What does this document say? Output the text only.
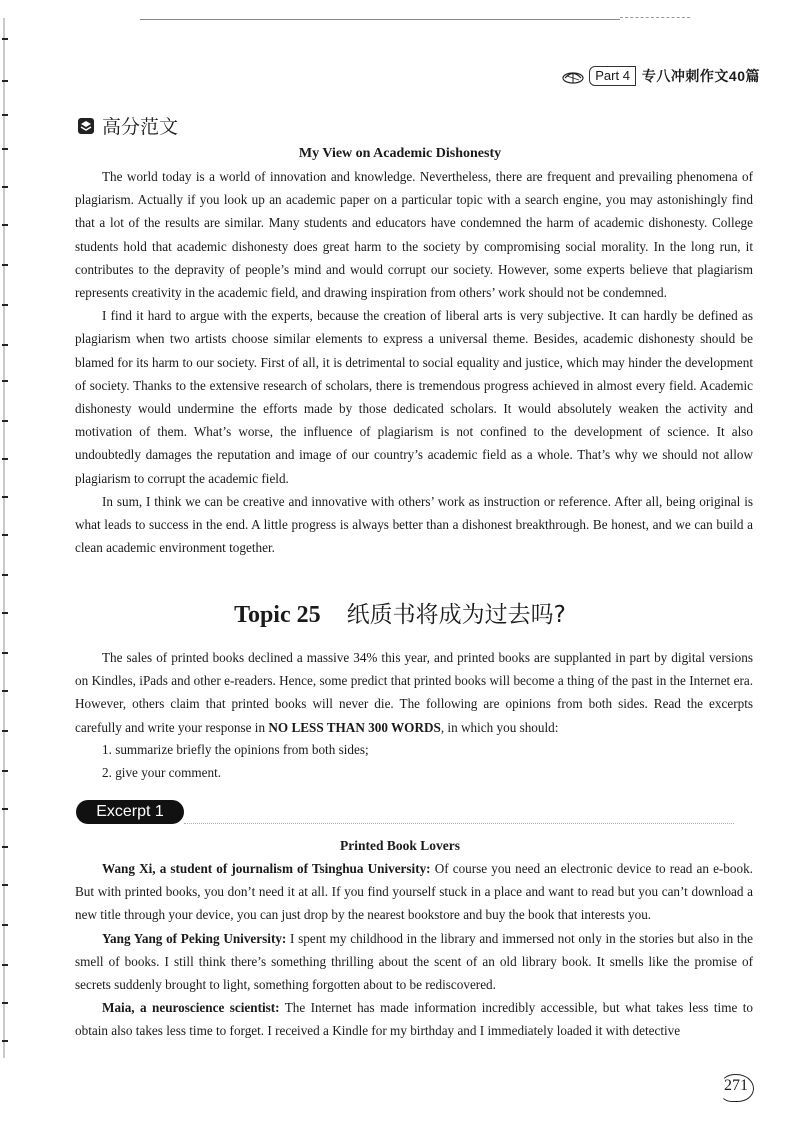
Part 4 专八冲刺作文40篇
高分范文
My View on Academic Dishonesty

The world today is a world of innovation and knowledge. Nevertheless, there are frequent and prevailing phenomena of plagiarism. Actually if you look up an academic paper on a particular topic with a search engine, you may astonishingly find that a lot of the results are similar. Many students and educators have condemned the harm of academic dishonesty. College students hold that academic dishonesty does great harm to the society by compromising social morality. In the long run, it contributes to the depravity of people’s mind and would corrupt our society. However, some experts believe that plagiarism represents creativity in the academic field, and drawing inspiration from others’ work should not be condemned.

I find it hard to argue with the experts, because the creation of liberal arts is very subjective. It can hardly be defined as plagiarism when two artists choose similar elements to express a universal theme. Besides, academic dishonesty should be blamed for its harm to our society. First of all, it is detrimental to social equality and justice, which may hinder the development of society. Thanks to the extensive research of scholars, there is tremendous progress achieved in almost every field. Academic dishonesty would undermine the efforts made by those dedicated scholars. It would absolutely weaken the activity and motivation of them. What’s worse, the influence of plagiarism is not confined to the development of science. It also undoubtedly damages the reputation and image of our country’s academic field as a whole. That’s why we should not allow plagiarism to corrupt the academic field.

In sum, I think we can be creative and innovative with others’ work as instruction or reference. After all, being original is what leads to success in the end. A little progress is always better than a dishonest breakthrough. Be honest, and we can build a clean academic environment together.

Topic 25 纸质书将成为过去吗?

The sales of printed books declined a massive 34% this year, and printed books are supplanted in part by digital versions on Kindles, iPads and other e-readers. Hence, some predict that printed books will become a thing of the past in the Internet era. However, others claim that printed books will never die. The following are opinions from both sides. Read the excerpts carefully and write your response in NO LESS THAN 300 WORDS, in which you should:

1. summarize briefly the opinions from both sides;
2. give your comment.
Excerpt 1
Printed Book Lovers

Wang Xi, a student of journalism of Tsinghua University: Of course you need an electronic device to read an e-book. But with printed books, you don’t need it at all. If you find yourself stuck in a place and want to read but you can’t download a new title through your device, you can just drop by the nearest bookstore and buy the book that interests you.

Yang Yang of Peking University: I spent my childhood in the library and immersed not only in the stories but also in the smell of books. I still think there’s something thrilling about the scent of an old library book. It smells like the promise of secrets suddenly brought to light, something forgotten about to be rediscovered.

Maia, a neuroscience scientist: The Internet has made information incredibly accessible, but what takes less time to obtain also takes less time to forget. I received a Kindle for my birthday and I immediately loaded it with detective

271
